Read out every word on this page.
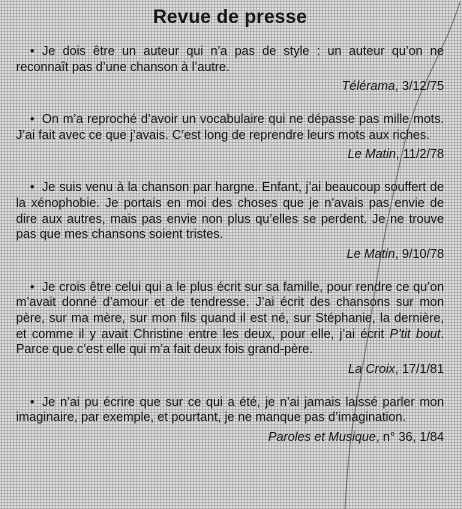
Revue de presse

• Je dois être un auteur qui n’a pas de style : un auteur qu’on ne reconnaît pas d’une chanson à l’autre.

Télérama, 3/12/75

• On m’a reproché d’avoir un vocabulaire qui ne dépasse pas mille mots. J’ai fait avec ce que j’avais. C’est long de reprendre leurs mots aux riches.

Le Matin, 11/2/78

• Je suis venu à la chanson par hargne. Enfant, j’ai beaucoup souffert de la xénophobie. Je portais en moi des choses que je n’avais pas envie de dire aux autres, mais pas envie non plus qu’elles se perdent. Je ne trouve pas que mes chansons soient tristes.

Le Matin, 9/10/78

• Je crois être celui qui a le plus écrit sur sa famille, pour rendre ce qu’on m’avait donné d’amour et de tendresse. J’ai écrit des chansons sur mon père, sur ma mère, sur mon fils quand il est né, sur Stéphanie, la dernière, et comme il y avait Christine entre les deux, pour elle, j’ai écrit P’tit bout. Parce que c’est elle qui m’a fait deux fois grand-père.

La Croix, 17/1/81

• Je n’ai pu écrire que sur ce qui a été, je n’ai jamais laissé parler mon imaginaire, par exemple, et pourtant, je ne manque pas d’imagination.

Paroles et Musique, n° 36, 1/84
